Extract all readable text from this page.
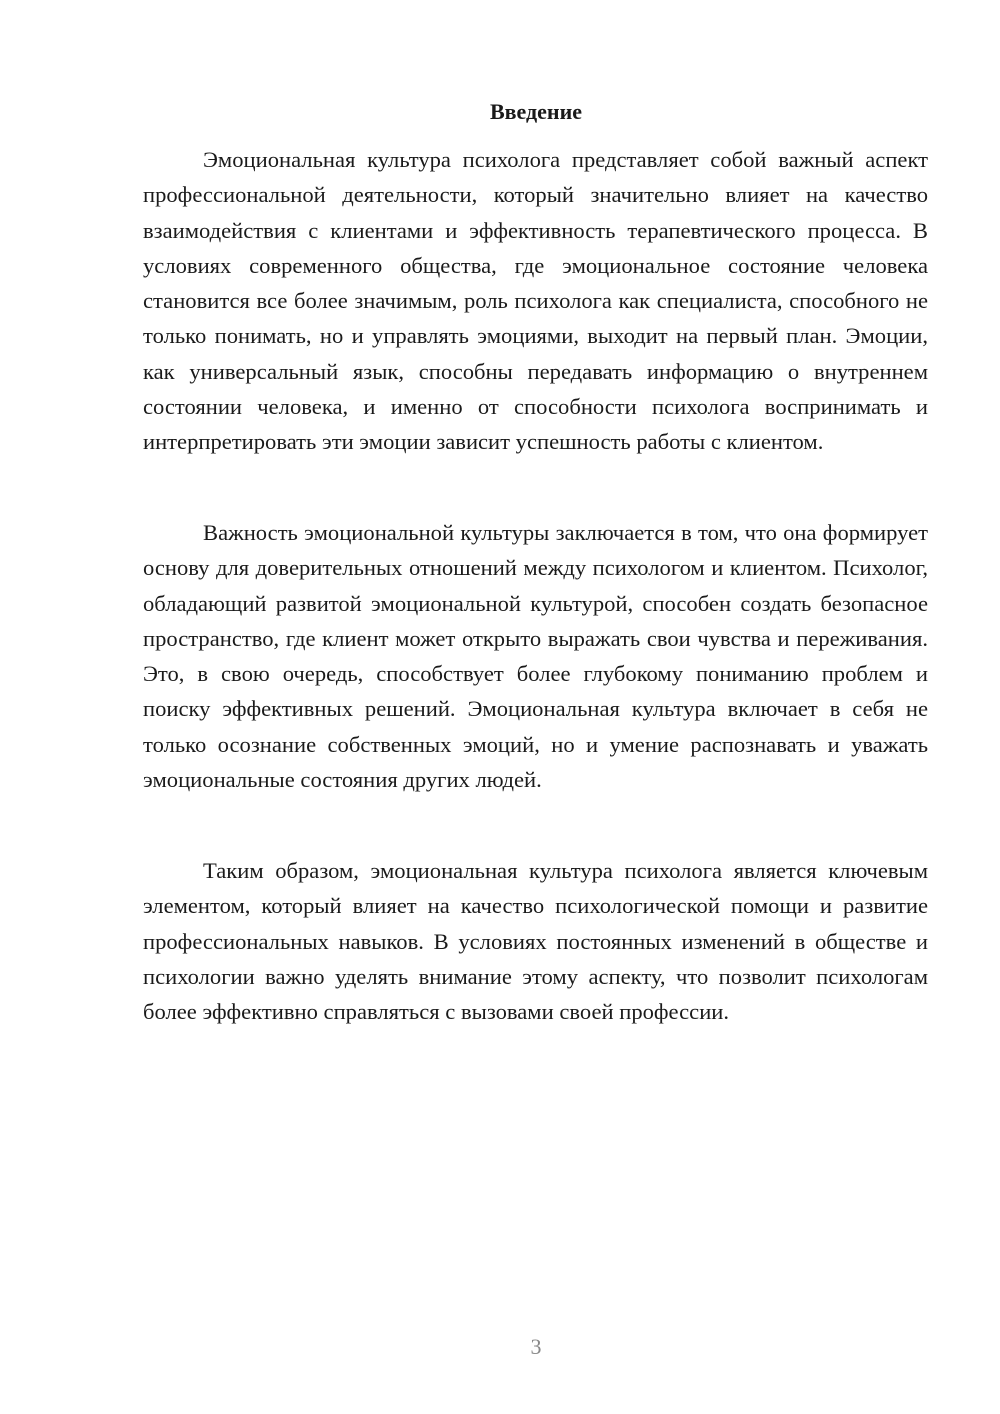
Введение

Эмоциональная культура психолога представляет собой важный аспект профессиональной деятельности, который значительно влияет на качество взаимодействия с клиентами и эффективность терапевтического процесса. В условиях современного общества, где эмоциональное состояние человека становится все более значимым, роль психолога как специалиста, способного не только понимать, но и управлять эмоциями, выходит на первый план. Эмоции, как универсальный язык, способны передавать информацию о внутреннем состоянии человека, и именно от способности психолога воспринимать и интерпретировать эти эмоции зависит успешность работы с клиентом.

Важность эмоциональной культуры заключается в том, что она формирует основу для доверительных отношений между психологом и клиентом. Психолог, обладающий развитой эмоциональной культурой, способен создать безопасное пространство, где клиент может открыто выражать свои чувства и переживания. Это, в свою очередь, способствует более глубокому пониманию проблем и поиску эффективных решений. Эмоциональная культура включает в себя не только осознание собственных эмоций, но и умение распознавать и уважать эмоциональные состояния других людей.

Таким образом, эмоциональная культура психолога является ключевым элементом, который влияет на качество психологической помощи и развитие профессиональных навыков. В условиях постоянных изменений в обществе и психологии важно уделять внимание этому аспекту, что позволит психологам более эффективно справляться с вызовами своей профессии.

3
